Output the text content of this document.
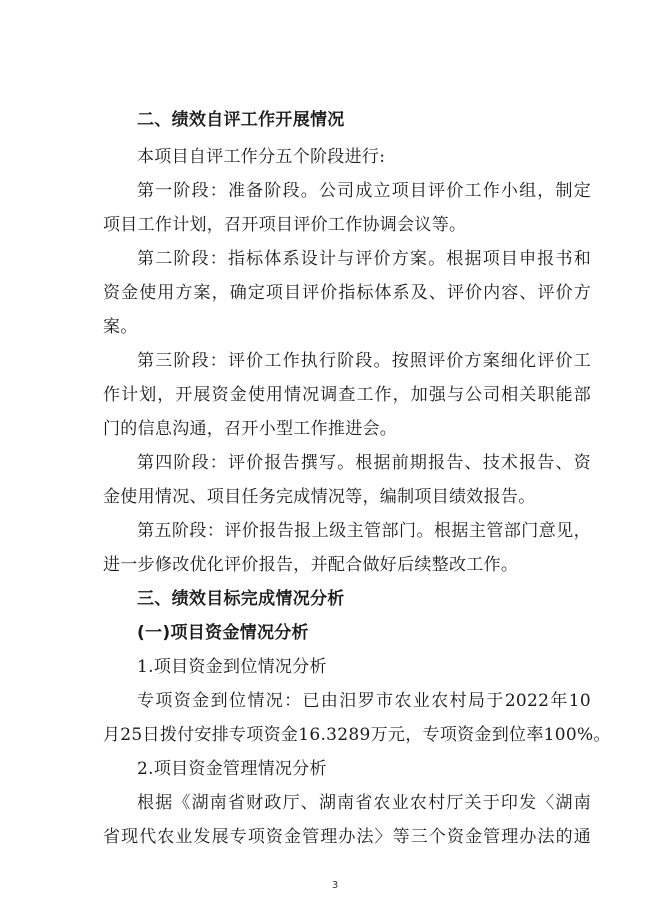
二、绩效自评工作开展情况
本项目自评工作分五个阶段进行:
第一阶段：准备阶段。公司成立项目评价工作小组，制定
项目工作计划，召开项目评价工作协调会议等。
第二阶段：指标体系设计与评价方案。根据项目申报书和
资金使用方案，确定项目评价指标体系及、评价内容、评价方
案。
第三阶段：评价工作执行阶段。按照评价方案细化评价工
作计划，开展资金使用情况调查工作，加强与公司相关职能部
门的信息沟通，召开小型工作推进会。
第四阶段：评价报告撰写。根据前期报告、技术报告、资
金使用情况、项目任务完成情况等，编制项目绩效报告。
第五阶段：评价报告报上级主管部门。根据主管部门意见，
进一步修改优化评价报告，并配合做好后续整改工作。
三、绩效目标完成情况分析
(一)项目资金情况分析
1.项目资金到位情况分析
专项资金到位情况：已由汨罗市农业农村局于2022年10
月25日拨付安排专项资金16.3289万元，专项资金到位率100%。
2.项目资金管理情况分析
根据《湖南省财政厅、湖南省农业农村厅关于印发〈湖南
省现代农业发展专项资金管理办法〉等三个资金管理办法的通
3
